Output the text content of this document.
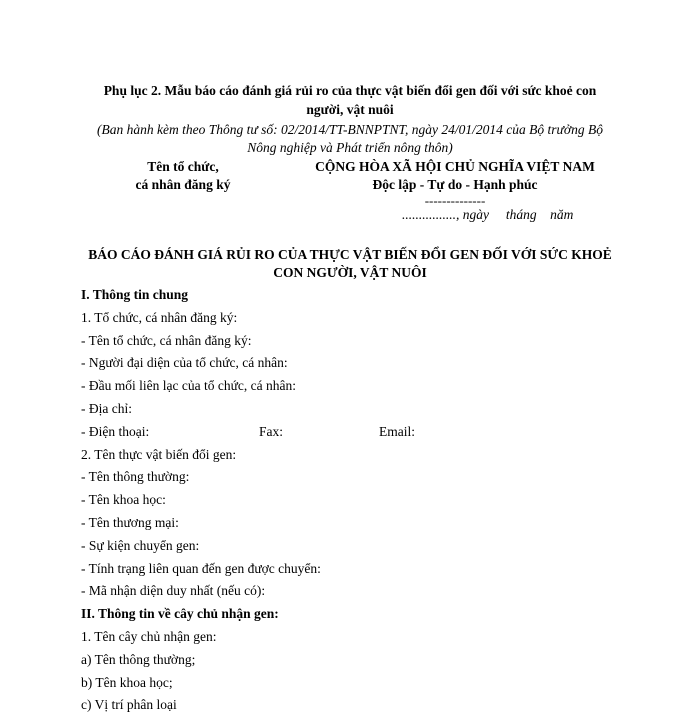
Phụ lục 2. Mẫu báo cáo đánh giá rủi ro của thực vật biến đổi gen đối với sức khoẻ con
người, vật nuôi
(Ban hành kèm theo Thông tư số: 02/2014/TT-BNNPTNT, ngày 24/01/2014 của Bộ trưởng Bộ
Nông nghiệp và Phát triển nông thôn)
Tên tổ chức,
cá nhân đăng ký
CỘNG HÒA XÃ HỘI CHỦ NGHĨA VIỆT NAM
Độc lập - Tự do - Hạnh phúc
--------------
................, ngày     tháng    năm
BÁO CÁO ĐÁNH GIÁ RỦI RO CỦA THỰC VẬT BIẾN ĐỔI GEN ĐỐI VỚI SỨC KHOẺ
CON NGƯỜI, VẬT NUÔI
I. Thông tin chung
1. Tổ chức, cá nhân đăng ký:
- Tên tổ chức, cá nhân đăng ký:
- Người đại diện của tổ chức, cá nhân:
- Đầu mối liên lạc của tổ chức, cá nhân:
- Địa chỉ:
- Điện thoại:	Fax:	Email:
2. Tên thực vật biến đổi gen:
- Tên thông thường:
- Tên khoa học:
- Tên thương mại:
- Sự kiện chuyển gen:
- Tính trạng liên quan đến gen được chuyển:
- Mã nhận diện duy nhất (nếu có):
II. Thông tin về cây chủ nhận gen:
1. Tên cây chủ nhận gen:
a) Tên thông thường;
b) Tên khoa học;
c) Vị trí phân loại
